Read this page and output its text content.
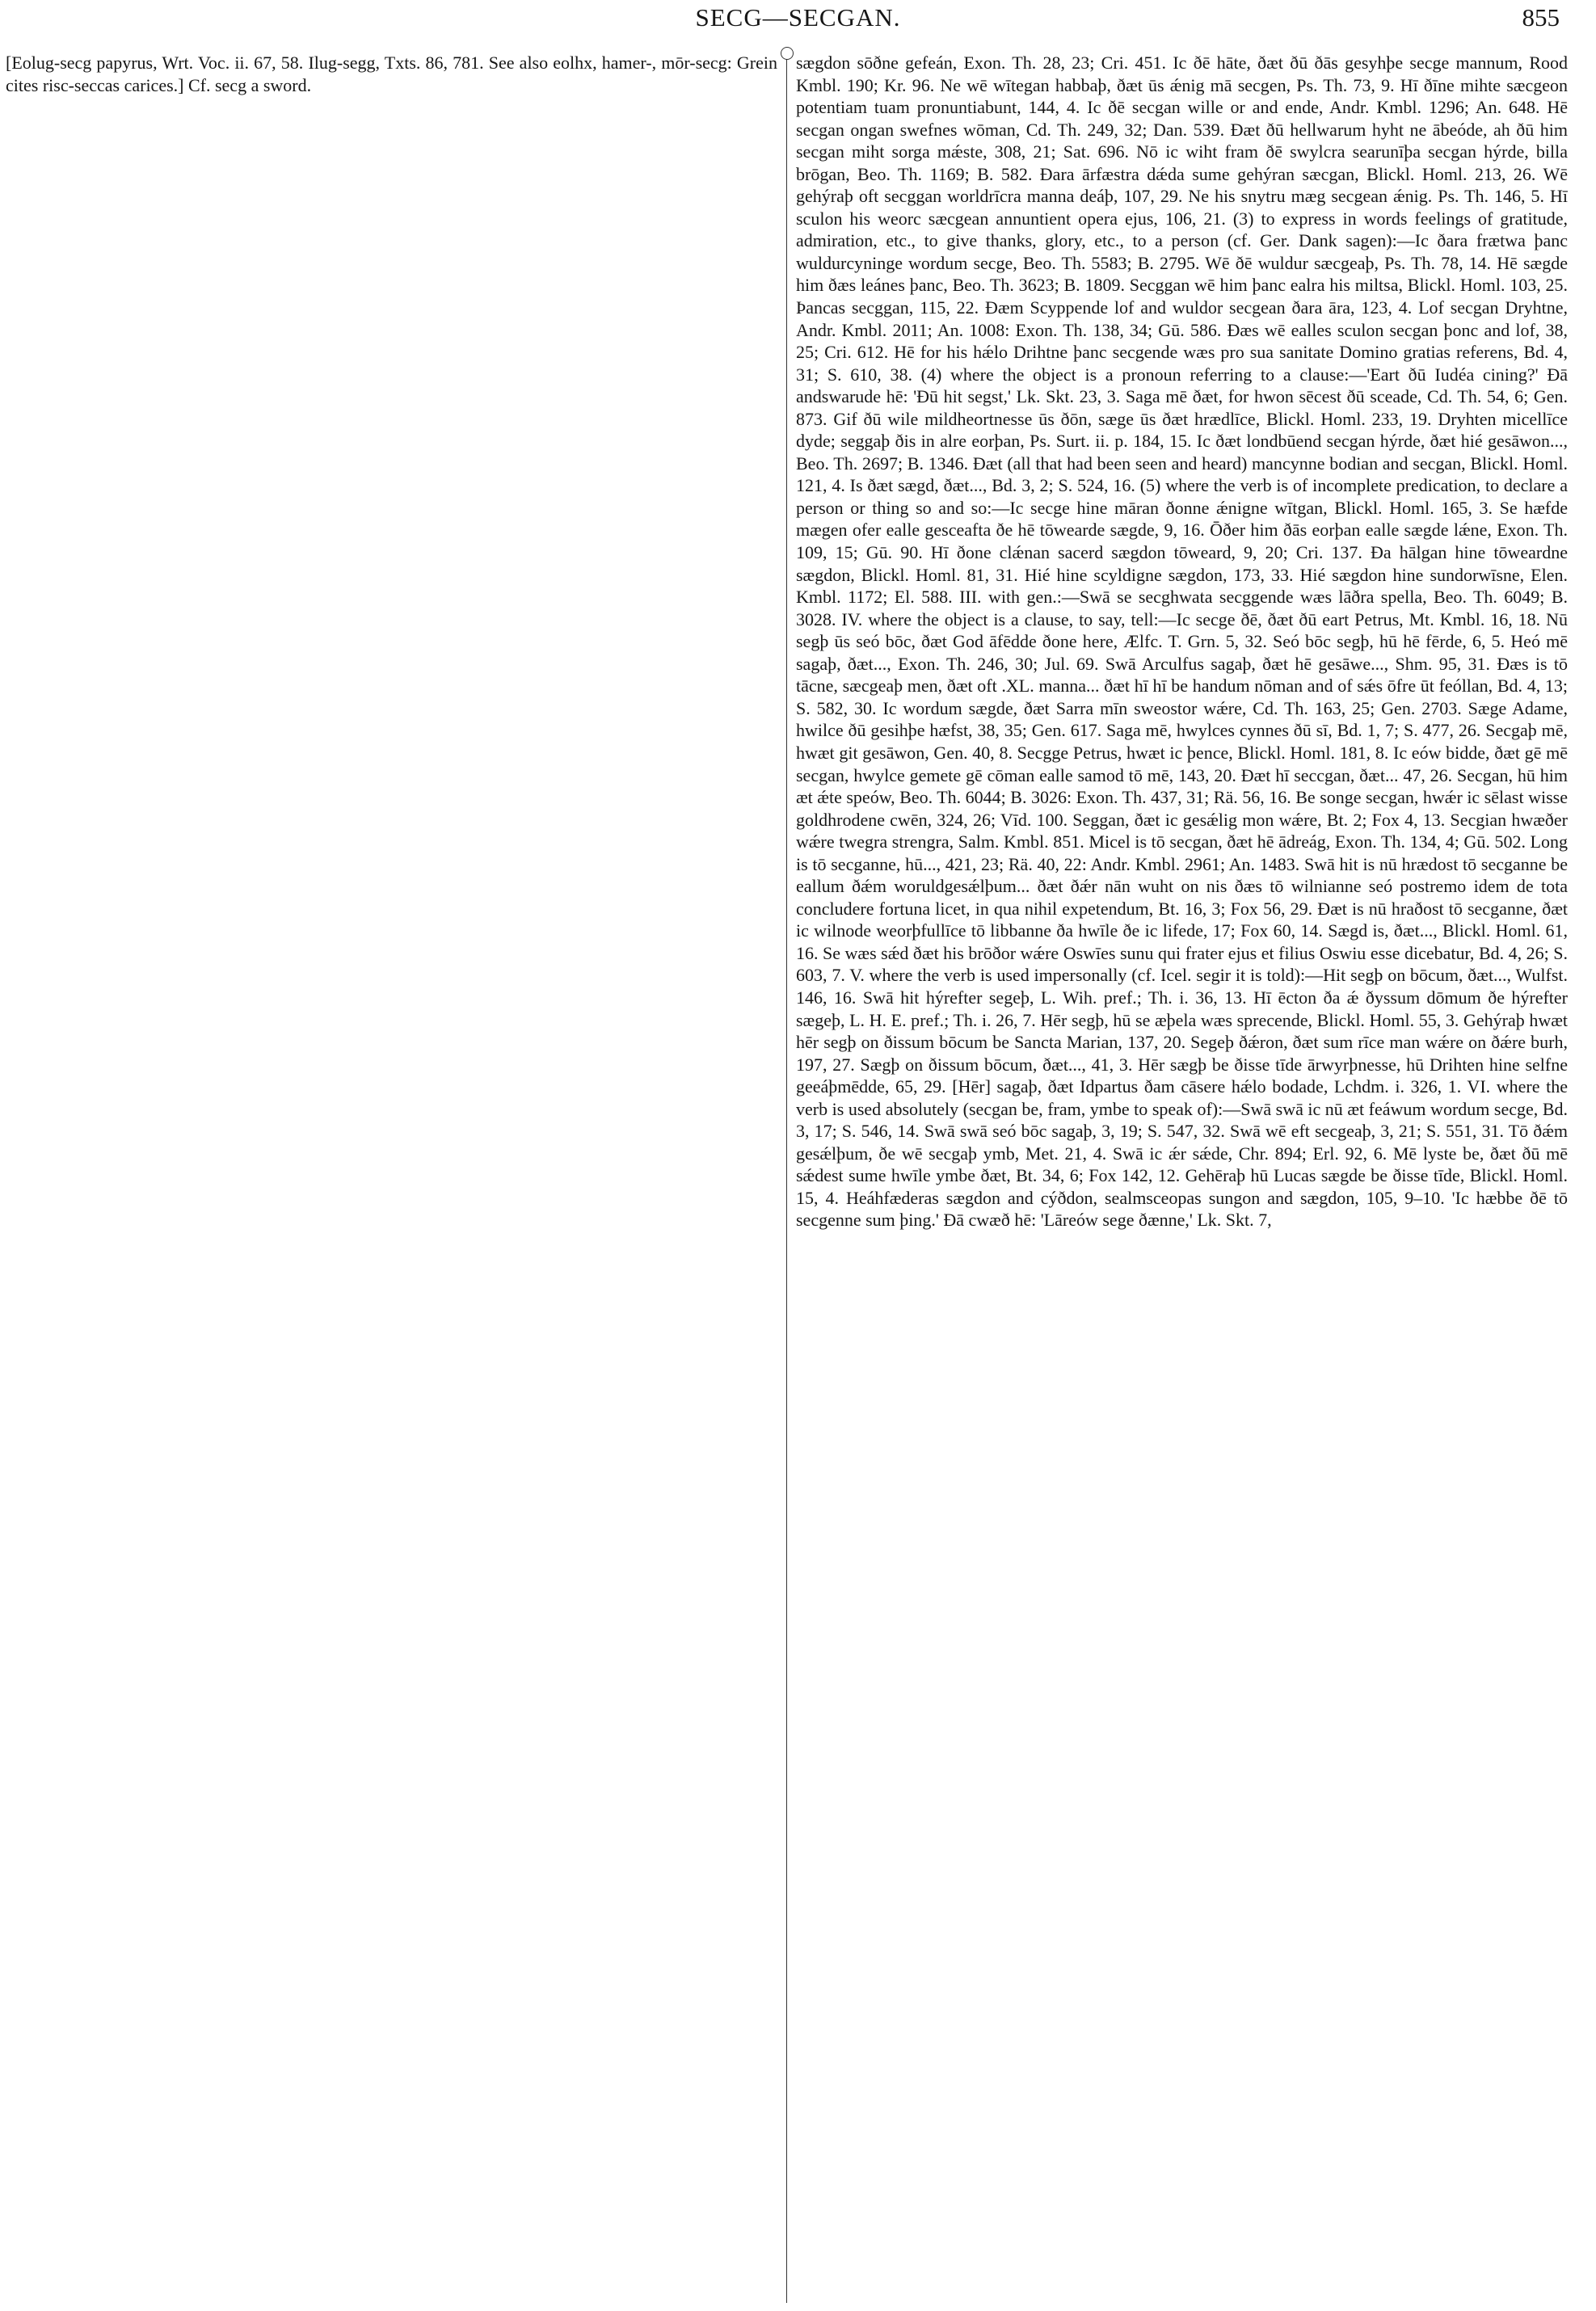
SECG—SECGAN.	855

[Eolug-secg papyrus, Wrt. Voc. ii. 67, 58. Ilug-segg, Txts. 86, 781. See also eolhx, hamer-, mōr-secg: Grein cites risc-seccas carices.] Cf. secg a sword.

sægdon sōðne gefeán, Exon. Th. 28, 23; Cri. 451. Ic ðē hāte, ðæt ðū ðās gesyhþe secge mannum, Rood Kmbl. 190; Kr. 96. Ne wē wītegan habbaþ, ðæt ūs ǽnig mā secgen, Ps. Th. 73, 9. Hī ðīne mihte sæcgeon potentiam tuam pronuntiabunt, 144, 4. Ic ðē secgan wille or and ende, Andr. Kmbl. 1296; An. 648. Hē secgan ongan swefnes wōman, Cd. Th. 249, 32; Dan. 539. Ðæt ðū hellwarum hyht ne ābeóde, ah ðū him secgan miht sorga mǽste, 308, 21; Sat. 696. Nō ic wiht fram ðē swylcra searunīþa secgan hýrde, billa brōgan, Beo. Th. 1169; B. 582. Ðara ārfæstra dǽda sume gehýran sæcgan, Blickl. Homl. 213, 26. Wē gehýraþ oft secggan worldrīcra manna deáþ, 107, 29. Ne his snytru mæg secgean ǽnig. Ps. Th. 146, 5. Hī sculon his weorc sæcgean annuntient opera ejus, 106, 21. (3) to express in words feelings of gratitude, admiration, etc., to give thanks, glory, etc., to a person (cf. Ger. Dank sagen):—Ic ðara frætwa þanc wuldurcyninge wordum secge, Beo. Th. 5583; B. 2795. Wē ðē wuldur sæcgeaþ, Ps. Th. 78, 14. Hē sægde him ðæs leánes þanc, Beo. Th. 3623; B. 1809. Secggan wē him þanc ealra his miltsa, Blickl. Homl. 103, 25. Þancas secggan, 115, 22. Ðæm Scyppende lof and wuldor secgean ðara āra, 123, 4. Lof secgan Dryhtne, Andr. Kmbl. 2011; An. 1008: Exon. Th. 138, 34; Gū. 586. Ðæs wē ealles sculon secgan þonc and lof, 38, 25; Cri. 612. Hē for his hǽlo Drihtne þanc secgende wæs pro sua sanitate Domino gratias referens, Bd. 4, 31; S. 610, 38. (4) where the object is a pronoun referring to a clause:—'Eart ðū Iudéa cining?' Ðā andswarude hē: 'Ðū hit segst,' Lk. Skt. 23, 3. Saga mē ðæt, for hwon sēcest ðū sceade, Cd. Th. 54, 6; Gen. 873. Gif ðū wile mildheortnesse ūs ðōn, sæge ūs ðæt hrædlīce, Blickl. Homl. 233, 19. Dryhten micellīce dyde; seggaþ ðis in alre eorþan, Ps. Surt. ii. p. 184, 15. Ic ðæt londbūend secgan hýrde, ðæt hié gesāwon..., Beo. Th. 2697; B. 1346. Ðæt (all that had been seen and heard) mancynne bodian and secgan, Blickl. Homl. 121, 4. Is ðæt sægd, ðæt..., Bd. 3, 2; S. 524, 16. (5) where the verb is of incomplete predication, to declare a person or thing so and so:—Ic secge hine māran ðonne ǽnigne wītgan, Blickl. Homl. 165, 3. Se hæfde mægen ofer ealle gesceafta ðe hē tōwearde sægde, 9, 16. Ōðer him ðās eorþan ealle sægde lǽne, Exon. Th. 109, 15; Gū. 90. Hī ðone clǽnan sacerd sægdon tōweard, 9, 20; Cri. 137. Ða hālgan hine tōweardne sægdon, Blickl. Homl. 81, 31. Hié hine scyldigne sægdon, 173, 33. Hié sægdon hine sundorwīsne, Elen. Kmbl. 1172; El. 588. III. with gen.:—Swā se secghwata secggende wæs lāðra spella, Beo. Th. 6049; B. 3028. IV. where the object is a clause, to say, tell:—Ic secge ðē, ðæt ðū eart Petrus, Mt. Kmbl. 16, 18. Nū segþ ūs seó bōc, ðæt God āfēdde ðone here, Ælfc. T. Grn. 5, 32. Seó bōc segþ, hū hē fērde, 6, 5. Heó mē sagaþ, ðæt..., Exon. Th. 246, 30; Jul. 69. Swā Arculfus sagaþ, ðæt hē gesāwe..., Shm. 95, 31. Ðæs is tō tācne, sæcgeaþ men, ðæt oft .XL. manna... ðæt hī hī be handum nōman and of sǽs ōfre ūt feóllan, Bd. 4, 13; S. 582, 30. Ic wordum sægde, ðæt Sarra mīn sweostor wǽre, Cd. Th. 163, 25; Gen. 2703. Sæge Adame, hwilce ðū gesihþe hæfst, 38, 35; Gen. 617. Saga mē, hwylces cynnes ðū sī, Bd. 1, 7; S. 477, 26. Secgaþ mē, hwæt git gesāwon, Gen. 40, 8. Secgge Petrus, hwæt ic þence, Blickl. Homl. 181, 8. Ic eów bidde, ðæt gē mē secgan, hwylce gemete gē cōman ealle samod tō mē, 143, 20. Ðæt hī seccgan, ðæt... 47, 26. Secgan, hū him æt ǽte speów, Beo. Th. 6044; B. 3026: Exon. Th. 437, 31; Rä. 56, 16. Be songe secgan, hwǽr ic sēlast wisse goldhrodene cwēn, 324, 26; Vīd. 100. Seggan, ðæt ic gesǽlig mon wǽre, Bt. 2; Fox 4, 13. Secgian hwæðer wǽre twegra strengra, Salm. Kmbl. 851. Micel is tō secgan, ðæt hē ādreág, Exon. Th. 134, 4; Gū. 502. Long is tō secganne, hū..., 421, 23; Rä. 40, 22: Andr. Kmbl. 2961; An. 1483. Swā hit is nū hrædost tō secganne be eallum ðǽm woruldgesǽlþum... ðæt ðǽr nān wuht on nis ðæs tō wilnianne seó postremo idem de tota concludere fortuna licet, in qua nihil expetendum, Bt. 16, 3; Fox 56, 29. Ðæt is nū hraðost tō secganne, ðæt ic wilnode weorþfullīce tō libbanne ða hwīle ðe ic lifede, 17; Fox 60, 14. Sægd is, ðæt..., Blickl. Homl. 61, 16. Se wæs sǽd ðæt his brōðor wǽre Oswīes sunu qui frater ejus et filius Oswiu esse dicebatur, Bd. 4, 26; S. 603, 7. V. where the verb is used impersonally (cf. Icel. segir it is told):—Hit segþ on bōcum, ðæt..., Wulfst. 146, 16. Swā hit hýrefter segeþ, L. Wih. pref.; Th. i. 36, 13. Hī ēcton ða ǽ ðyssum dōmum ðe hýrefter sægeþ, L. H. E. pref.; Th. i. 26, 7. Hēr segþ, hū se æþela wæs sprecende, Blickl. Homl. 55, 3. Gehýraþ hwæt hēr segþ on ðissum bōcum be Sancta Marian, 137, 20. Segeþ ðǽron, ðæt sum rīce man wǽre on ðǽre burh, 197, 27. Sægþ on ðissum bōcum, ðæt..., 41, 3. Hēr sægþ be ðisse tīde ārwyrþnesse, hū Drihten hine selfne geeáþmēdde, 65, 29. [Hēr] sagaþ, ðæt Idpartus ðam cāsere hǽlo bodade, Lchdm. i. 326, 1. VI. where the verb is used absolutely (secgan be, fram, ymbe to speak of):—Swā swā ic nū æt feáwum wordum secge, Bd. 3, 17; S. 546, 14. Swā swā seó bōc sagaþ, 3, 19; S. 547, 32. Swā wē eft secgeaþ, 3, 21; S. 551, 31. Tō ðǽm gesǽlþum, ðe wē secgaþ ymb, Met. 21, 4. Swā ic ǽr sǽde, Chr. 894; Erl. 92, 6. Mē lyste be, ðæt ðū mē sǽdest sume hwīle ymbe ðæt, Bt. 34, 6; Fox 142, 12. Gehēraþ hū Lucas sægde be ðisse tīde, Blickl. Homl. 15, 4. Heáhfæderas sægdon and cýðdon, sealmsceopas sungon and sægdon, 105, 9–10. 'Ic hæbbe ðē tō secgenne sum þing.' Ðā cwæð hē: 'Lāreów sege ðænne,' Lk. Skt. 7,
